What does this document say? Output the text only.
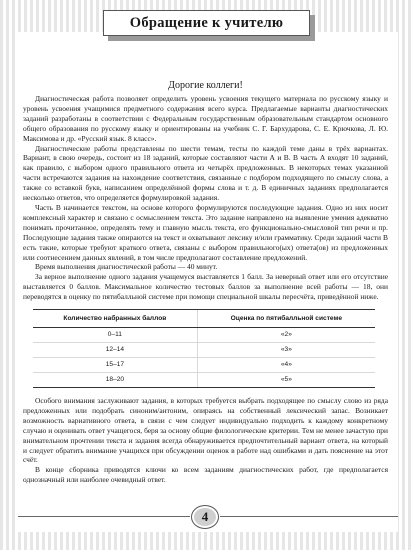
Обращение к учителю
Дорогие коллеги!

Диагностическая работа позволяет определить уровень усвоения текущего материала по русскому языку и уровень усвоения учащимися предметного содержания всего курса. Предлагаемые варианты диагностических заданий разработаны в соответствии с Федеральным государственным образовательным стандартом основного общего образования по русскому языку и ориентированы на учебник С. Г. Бархударова, С. Е. Крючкова, Л. Ю. Максимова и др. «Русский язык. 8 класс».

Диагностические работы представлены по шести темам, тесты по каждой теме даны в трёх вариантах. Вариант, в свою очередь, состоит из 18 заданий, которые составляют части А и В. В часть А входят 10 заданий, как правило, с выбором одного правильного ответа из четырёх предложенных. В некоторых темах указанной части встречаются задания на нахождение соответствия, связанные с подбором подходящего по смыслу слова, а также со вставкой букв, написанием определённой формы слова и т. д. В единичных заданиях предполагается несколько ответов, что определяется формулировкой задания.

Часть В начинается текстом, на основе которого формулируются последующие задания. Одно из них носит комплексный характер и связано с осмыслением текста. Это задание направлено на выявление умения адекватно понимать прочитанное, определять тему и главную мысль текста, его функционально-смысловой тип речи и пр. Последующие задания также опираются на текст и охватывают лексику и/или грамматику. Среди заданий части В есть такие, которые требуют краткого ответа, связаны с выбором правильного(ых) ответа(ов) из предложенных или соотнесением данных явлений, в том числе предполагают составление предложений.

Время выполнения диагностической работы — 40 минут.

За верное выполнение одного задания учащемуся выставляется 1 балл. За неверный ответ или его отсутствие выставляется 0 баллов. Максимальное количество тестовых баллов за выполнение всей работы — 18, они переводятся в оценку по пятибалльной системе при помощи специальной шкалы пересчёта, приведённой ниже.

Количество набранных баллов	Оценка по пятибалльной системе
0–11	«2»
12–14	«3»
15–17	«4»
18–20	«5»

Особого внимания заслуживают задания, в которых требуется выбрать подходящее по смыслу слово из ряда предложенных или подобрать синоним/антоним, опираясь на собственный лексический запас. Возникает возможность вариативного ответа, в связи с чем следует индивидуально подходить к каждому конкретному случаю и оценивать ответ учащегося, беря за основу общие филологические критерии. Тем не менее зачастую при внимательном прочтении текста и задания всегда обнаруживается предпочтительный вариант ответа, на который и следует обратить внимание учащихся при обсуждении оценок в работе над ошибками и дать пояснение на этот счёт.

В конце сборника приводятся ключи ко всем заданиям диагностических работ, где предполагается однозначный или наиболее очевидный ответ.

4
